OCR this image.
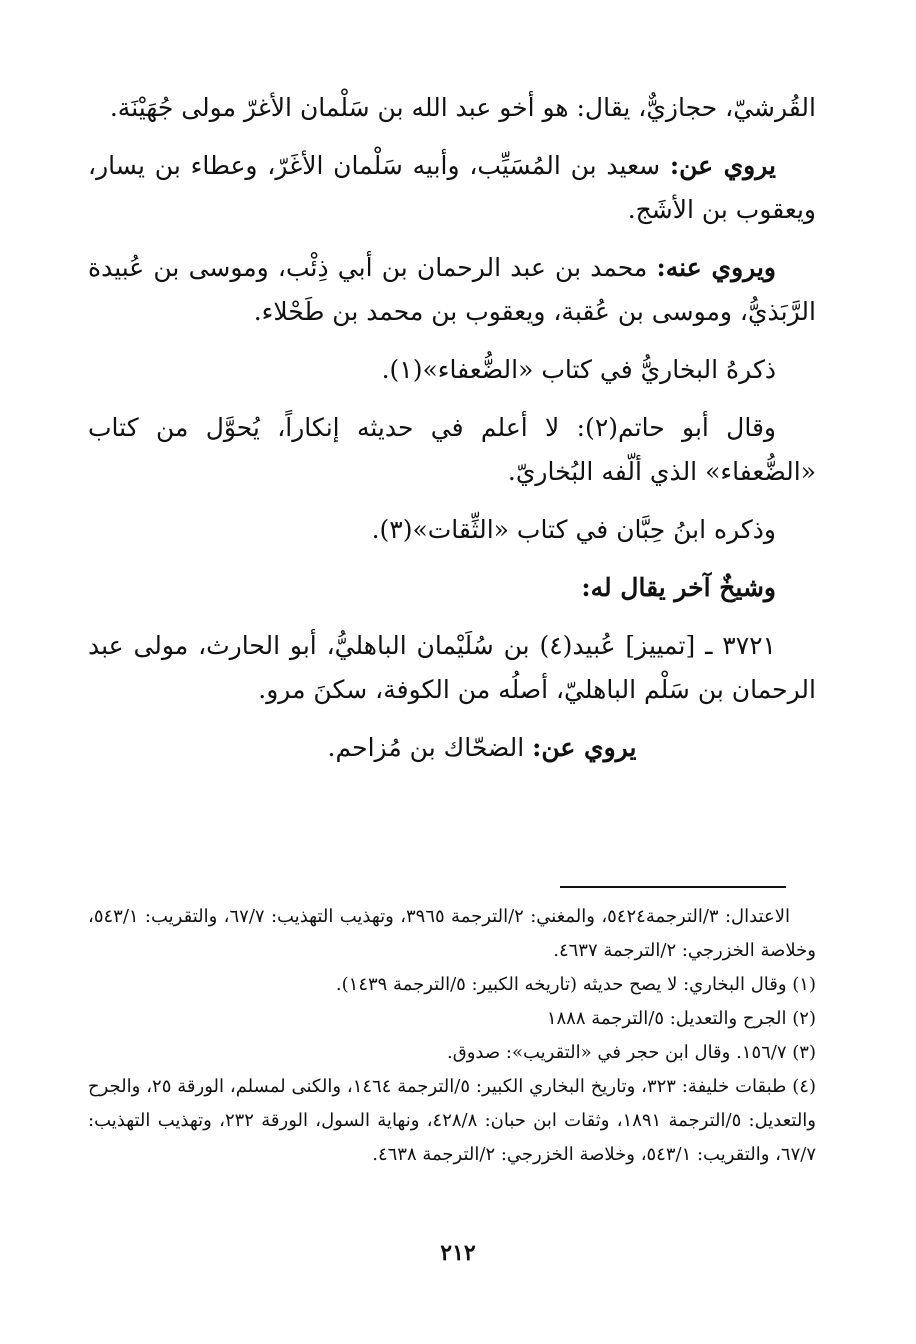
القُرشيّ، حجازيٌّ، يقال: هو أخو عبد الله بن سَلْمان الأغرّ مولى جُهَيْنَة.

يروي عن: سعيد بن المُسَيِّب، وأبيه سَلْمان الأغَرّ، وعطاء بن يسار، ويعقوب بن الأشَج.

ويروي عنه: محمد بن عبد الرحمان بن أبي ذِئْب، وموسى بن عُبيدة الرَّبَذيُّ، وموسى بن عُقبة، ويعقوب بن محمد بن طَحْلاء.

ذكرهُ البخاريُّ في كتاب «الضُّعفاء»(١).

وقال أبو حاتم(٢): لا أعلم في حديثه إنكاراً، يُحوَّل من كتاب «الضُّعفاء» الذي ألّفه البُخاريّ.

وذكره ابنُ حِبَّان في كتاب «الثِّقات»(٣).

وشيخٌ آخر يقال له:

٣٧٢١ ـ [تمييز] عُبيد(٤) بن سُلَيْمان الباهليُّ، أبو الحارث، مولى عبد الرحمان بن سَلْم الباهليّ، أصلُه من الكوفة، سكنَ مرو.

يروي عن: الضحّاك بن مُزاحم.

الاعتدال: ٣/الترجمة٥٤٢٤، والمغني: ٢/الترجمة ٣٩٦٥، وتهذيب التهذيب: ٦٧/٧، والتقريب: ٥٤٣/١، وخلاصة الخزرجي: ٢/الترجمة ٤٦٣٧.

(١) وقال البخاري: لا يصح حديثه (تاريخه الكبير: ٥/الترجمة ١٤٣٩).

(٢) الجرح والتعديل: ٥/الترجمة ١٨٨٨

(٣) ١٥٦/٧. وقال ابن حجر في «التقريب»: صدوق.

(٤) طبقات خليفة: ٣٢٣، وتاريخ البخاري الكبير: ٥/الترجمة ١٤٦٤، والكنى لمسلم، الورقة ٢٥، والجرح والتعديل: ٥/الترجمة ١٨٩١، وثقات ابن حبان: ٤٢٨/٨، ونهاية السول، الورقة ٢٣٢، وتهذيب التهذيب: ٦٧/٧، والتقريب: ٥٤٣/١، وخلاصة الخزرجي: ٢/الترجمة ٤٦٣٨.

٢١٢
